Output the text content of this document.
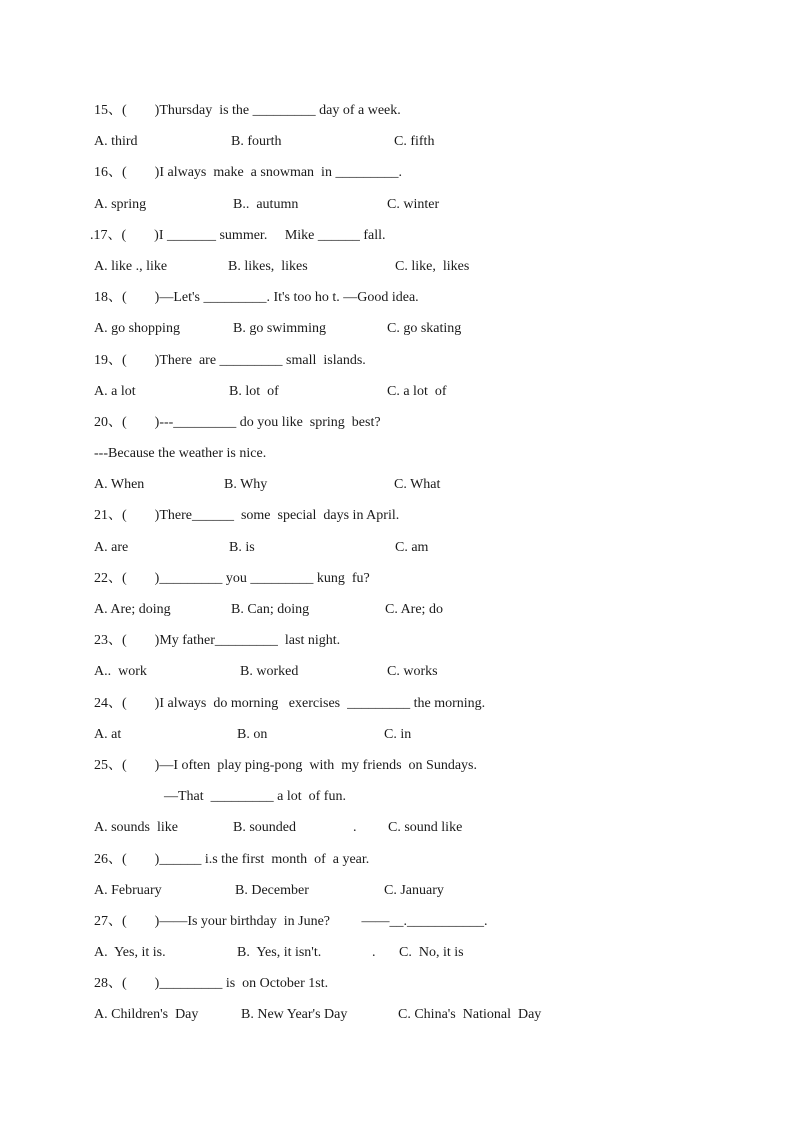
15、(        )Thursday  is the _________ day of a week.

A. third

	B. fourth

	C. fifth

16、(        )I always  make  a snowman  in _________.

A. spring

	B..  autumn

	C. winter

.17、(        )I _______ summer.     Mike ______ fall.

A. like ., like

	B. likes,  likes

	C. like,  likes

18、(        )—Let's _________. It's too ho t. —Good idea.

A. go shopping

	B. go swimming

	C. go skating

19、(        )There  are _________ small  islands.

A. a lot

	B. lot  of

	C. a lot  of

20、(        )---_________ do you like  spring  best?

---Because the weather is nice.

A. When

	B. Why

	C. What

21、(        )There______  some  special  days in April.

A. are

	B. is

	C. am

22、(        )_________ you _________ kung  fu?

A. Are; doing

	B. Can; doing

	C. Are; do

23、(        )My father_________  last night.

A..  work

	B. worked

	C. works

24、(        )I always  do morning   exercises  _________ the morning.

A. at

	B. on

	C. in

25、(        )—I often  play ping-pong  with  my friends  on Sundays.

—That  _________ a lot  of fun.

A. sounds  like

	B. sounded

	.

C. sound like

26、(        )______ i.s the first  month  of  a year.

A. February

	B. December

	C. January

27、(        )——Is your birthday  in June?         ——__.___________.

A.  Yes, it is.

	B.  Yes, it isn't.

	.

C.  No, it is

28、(        )_________ is  on October 1st.

A. Children's  Day

	B. New Year's Day

	C. China's  National  Day
